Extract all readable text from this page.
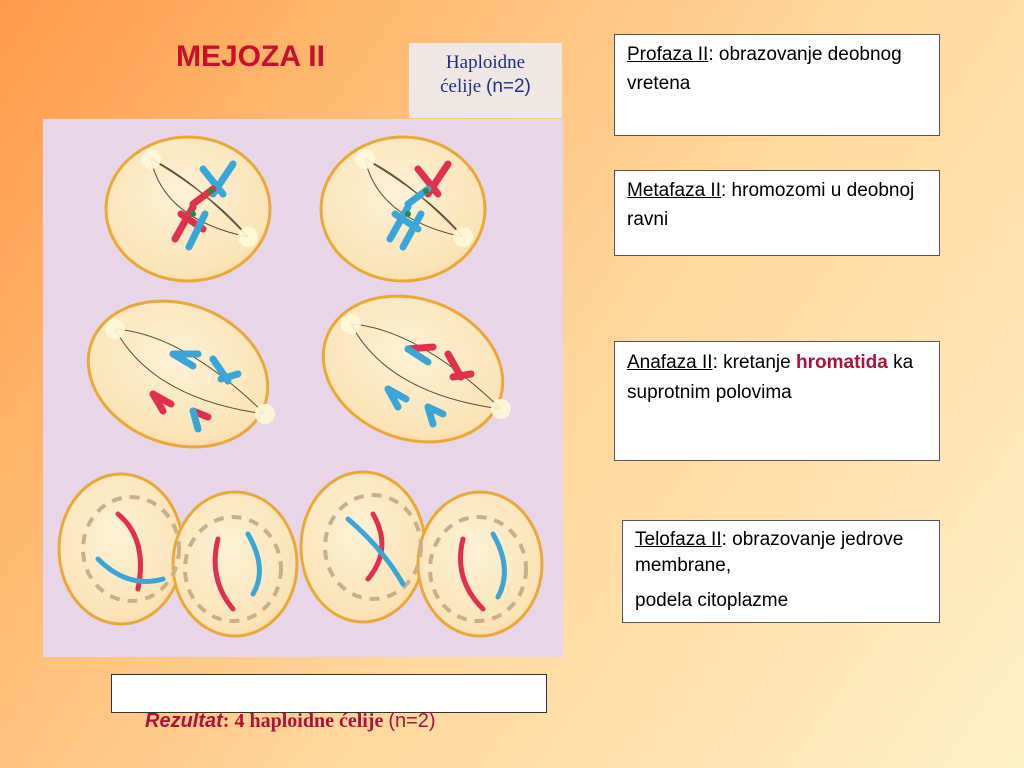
MEJOZA II	Haploidne
ćelije (n=2)
Profaza II: obrazovanje deobnog vretena
Metafaza II: hromozomi u deobnoj ravni
Anafaza II: kretanje hromatida ka suprotnim polovima
Telofaza II: obrazovanje jedrove membrane,
podela citoplazme
Rezultat: 4 haploidne ćelije (n=2)
